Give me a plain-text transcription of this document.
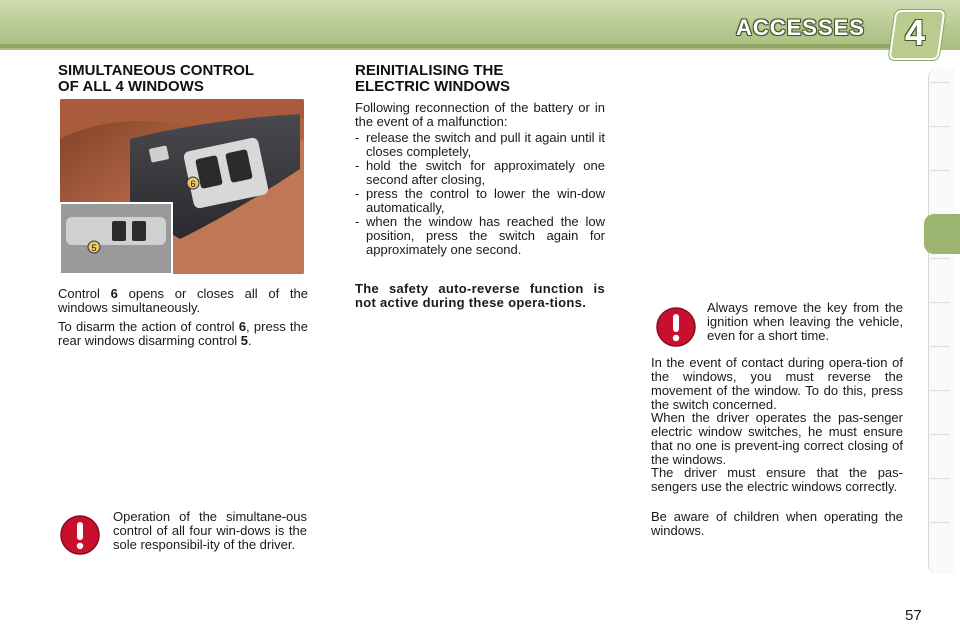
ACCESSES 4
SIMULTANEOUS CONTROL
OF ALL 4 WINDOWS
6
5

Control 6 opens or closes all of the windows simultaneously.

To disarm the action of control 6, press the rear windows disarming control 5.

Operation of the simultane-ous control of all four win-dows is the sole responsibil-ity of the driver.

REINITIALISING THE
ELECTRIC WINDOWS

Following reconnection of the battery or in the event of a malfunction:

- release the switch and pull it again until it closes completely,
- hold the switch for approximately one second after closing,
- press the control to lower the win-dow automatically,
- when the window has reached the low position, press the switch again for approximately one second.

The safety auto-reverse function is not active during these opera-tions.	Always remove the key from the ignition when leaving the vehicle, even for a short time.

In the event of contact during opera-tion of the windows, you must reverse the movement of the window. To do this, press the switch concerned.

When the driver operates the pas-senger electric window switches, he must ensure that no one is prevent-ing correct closing of the windows.

The driver must ensure that the pas-sengers use the electric windows correctly.

Be aware of children when operating the windows.

57
